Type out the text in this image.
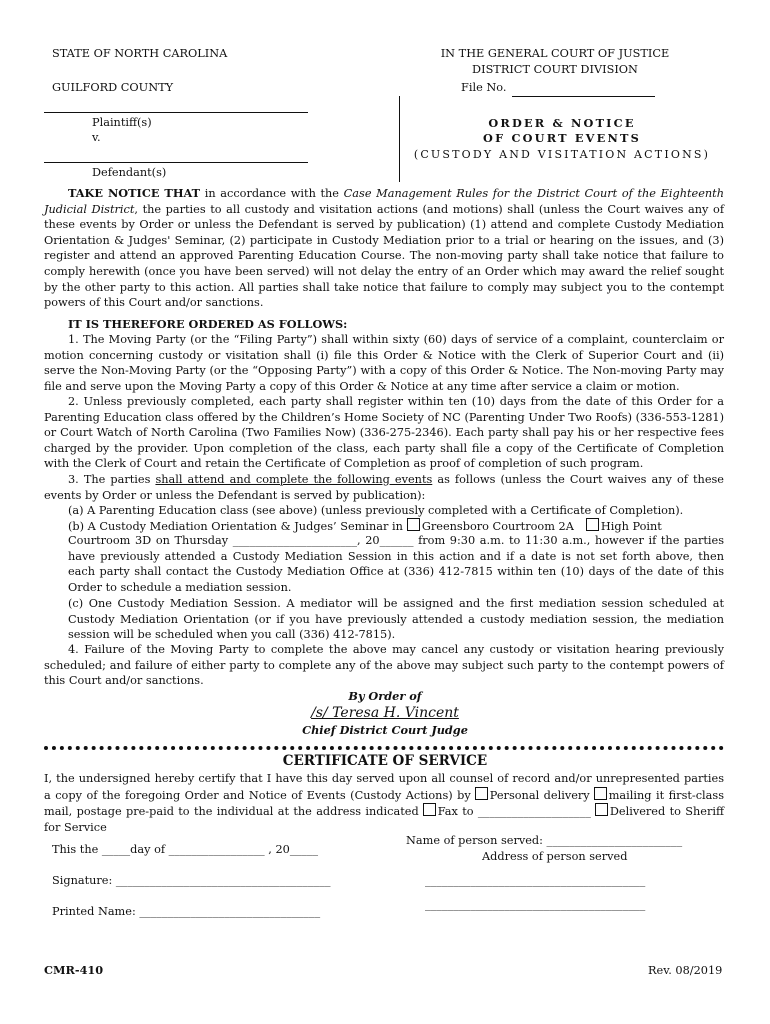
STATE OF NORTH CAROLINA
GUILFORD COUNTY
IN THE GENERAL COURT OF JUSTICE
DISTRICT COURT DIVISION
File No.
Plaintiff(s)
v.
Defendant(s)
ORDER & NOTICE
OF COURT EVENTS
(CUSTODY AND VISITATION ACTIONS)
TAKE NOTICE THAT in accordance with the Case Management Rules for the District Court of the Eighteenth Judicial District, the parties to all custody and visitation actions (and motions) shall (unless the Court waives any of these events by Order or unless the Defendant is served by publication) (1) attend and complete Custody Mediation Orientation & Judges' Seminar, (2) participate in Custody Mediation prior to a trial or hearing on the issues, and (3) register and attend an approved Parenting Education Course. The non-moving party shall take notice that failure to comply herewith (once you have been served) will not delay the entry of an Order which may award the relief sought by the other party to this action. All parties shall take notice that failure to comply may subject you to the contempt powers of this Court and/or sanctions.
IT IS THEREFORE ORDERED AS FOLLOWS:
1. The Moving Party (or the “Filing Party”) shall within sixty (60) days of service of a complaint, counterclaim or motion concerning custody or visitation shall (i) file this Order & Notice with the Clerk of Superior Court and (ii) serve the Non-Moving Party (or the “Opposing Party”) with a copy of this Order & Notice. The Non-moving Party may file and serve upon the Moving Party a copy of this Order & Notice at any time after service a claim or motion.
2. Unless previously completed, each party shall register within ten (10) days from the date of this Order for a Parenting Education class offered by the Children’s Home Society of NC (Parenting Under Two Roofs) (336-553-1281) or Court Watch of North Carolina (Two Families Now) (336-275-2346). Each party shall pay his or her respective fees charged by the provider. Upon completion of the class, each party shall file a copy of the Certificate of Completion with the Clerk of Court and retain the Certificate of Completion as proof of completion of such program.
3. The parties shall attend and complete the following events as follows (unless the Court waives any of these events by Order or unless the Defendant is served by publication):
(a) A Parenting Education class (see above) (unless previously completed with a Certificate of Completion).
(b) A Custody Mediation Orientation & Judges’ Seminar in Greensboro Courtroom 2A High Point
Courtroom 3D on Thursday ______________________, 20______ from 9:30 a.m. to 11:30 a.m., however if the parties have previously attended a Custody Mediation Session in this action and if a date is not set forth above, then each party shall contact the Custody Mediation Office at (336) 412-7815 within ten (10) days of the date of this Order to schedule a mediation session.
(c) One Custody Mediation Session. A mediator will be assigned and the first mediation session scheduled at Custody Mediation Orientation (or if you have previously attended a custody mediation session, the mediation session will be scheduled when you call (336) 412-7815).
4. Failure of the Moving Party to complete the above may cancel any custody or visitation hearing previously scheduled; and failure of either party to complete any of the above may subject such party to the contempt powers of this Court and/or sanctions.
By Order of
/s/ Teresa H. Vincent
Chief District Court Judge
CERTIFICATE OF SERVICE
I, the undersigned hereby certify that I have this day served upon all counsel of record and/or unrepresented parties a copy of the foregoing Order and Notice of Events (Custody Actions) by Personal delivery mailing it first-class mail, postage pre-paid to the individual at the address indicated Fax to ____________________ Delivered to Sheriff for Service
This the _____day of _________________ , 20_____
Name of person served: ________________________
Address of person served
Signature: ______________________________________	_______________________________________
Printed Name: ________________________________
_______________________________________
CMR-410	Rev. 08/2019
